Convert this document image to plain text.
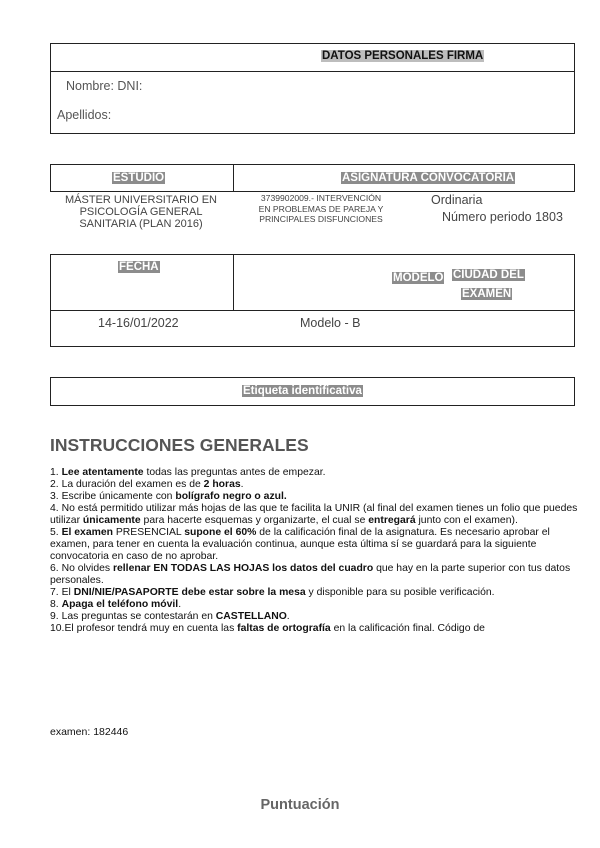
DATOS PERSONALES FIRMA
Nombre: DNI:
Apellidos:
ESTUDIO	ASIGNATURA CONVOCATORIA
MÁSTER UNIVERSITARIO EN
PSICOLOGÍA GENERAL
SANITARIA (PLAN 2016)
3739902009.- INTERVENCIÓN
EN PROBLEMAS DE PAREJA Y
PRINCIPALES DISFUNCIONES
Ordinaria
Número periodo 1803
FECHA
MODELO CIUDAD DEL
EXAMEN
14-16/01/2022	Modelo - B
Etiqueta identificativa
INSTRUCCIONES GENERALES
1. Lee atentamente todas las preguntas antes de empezar.
2. La duración del examen es de 2 horas.
3. Escribe únicamente con bolígrafo negro o azul.
4. No está permitido utilizar más hojas de las que te facilita la UNIR (al final del examen tienes un folio que puedes utilizar únicamente para hacerte esquemas y organizarte, el cual se entregará junto con el examen).
5. El examen PRESENCIAL supone el 60% de la calificación final de la asignatura. Es necesario aprobar el examen, para tener en cuenta la evaluación continua, aunque esta última sí se guardará para la siguiente convocatoria en caso de no aprobar.
6. No olvides rellenar EN TODAS LAS HOJAS los datos del cuadro que hay en la parte superior con tus datos personales.
7. El DNI/NIE/PASAPORTE debe estar sobre la mesa y disponible para su posible verificación.
8. Apaga el teléfono móvil.
9. Las preguntas se contestarán en CASTELLANO.
10.El profesor tendrá muy en cuenta las faltas de ortografía en la calificación final. Código de
examen: 182446
Puntuación
